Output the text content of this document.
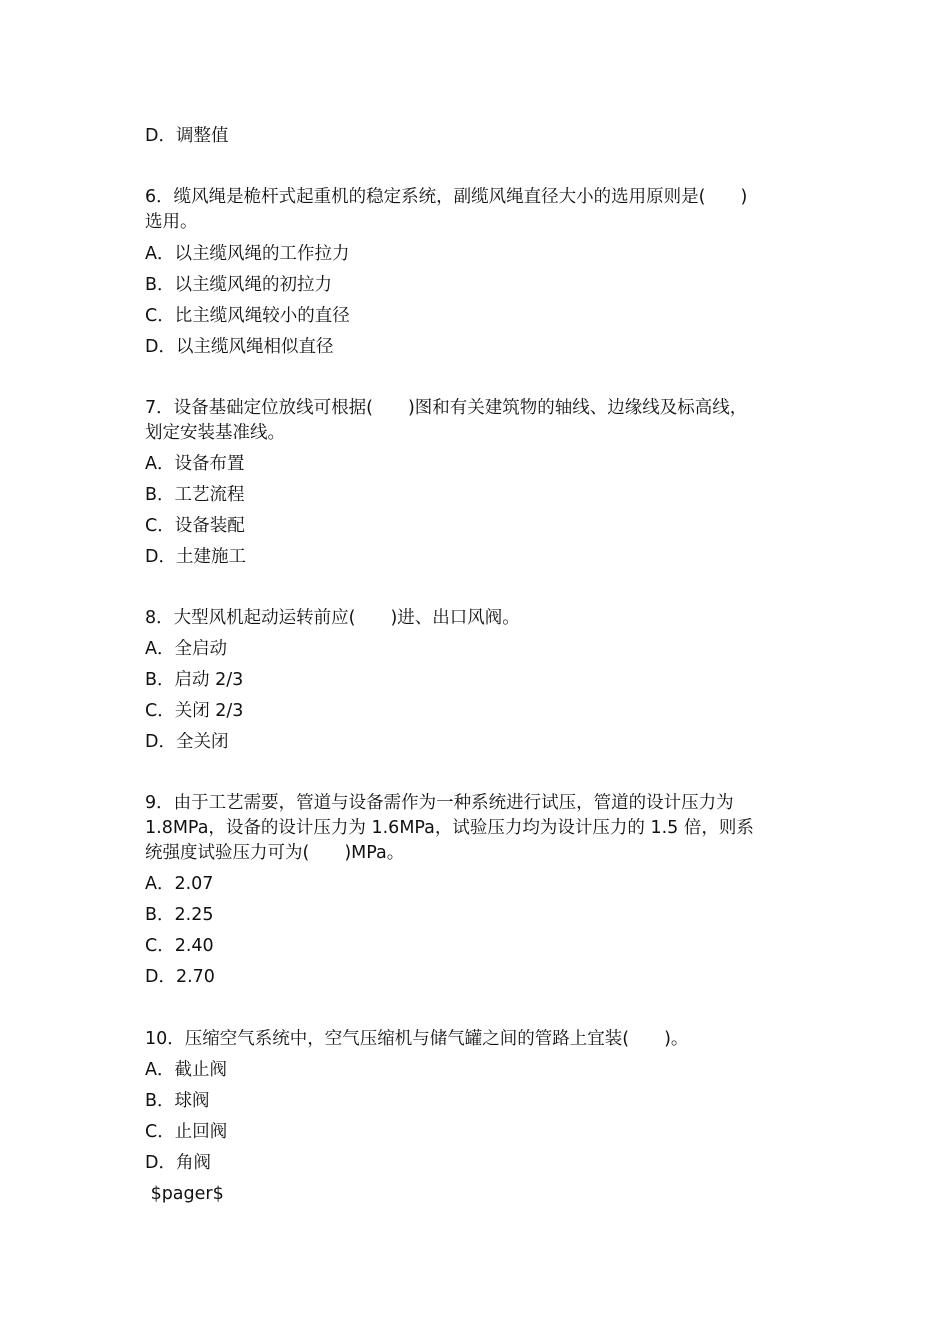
D．调整值
6．缆风绳是桅杆式起重机的稳定系统，副缆风绳直径大小的选用原则是(　　)
选用。
A．以主缆风绳的工作拉力
B．以主缆风绳的初拉力
C．比主缆风绳较小的直径
D．以主缆风绳相似直径
7．设备基础定位放线可根据(　　)图和有关建筑物的轴线、边缘线及标高线，
划定安装基准线。
A．设备布置
B．工艺流程
C．设备装配
D．土建施工
8．大型风机起动运转前应(　　)进、出口风阀。
A．全启动
B．启动 2/3
C．关闭 2/3
D．全关闭
9．由于工艺需要，管道与设备需作为一种系统进行试压，管道的设计压力为
1.8MPa，设备的设计压力为 1.6MPa，试验压力均为设计压力的 1.5 倍，则系
统强度试验压力可为(　　)MPa。
A．2.07
B．2.25
C．2.40
D．2.70
10．压缩空气系统中，空气压缩机与储气罐之间的管路上宜装(　　)。
A．截止阀
B．球阀
C．止回阀
D．角阀
$pager$
